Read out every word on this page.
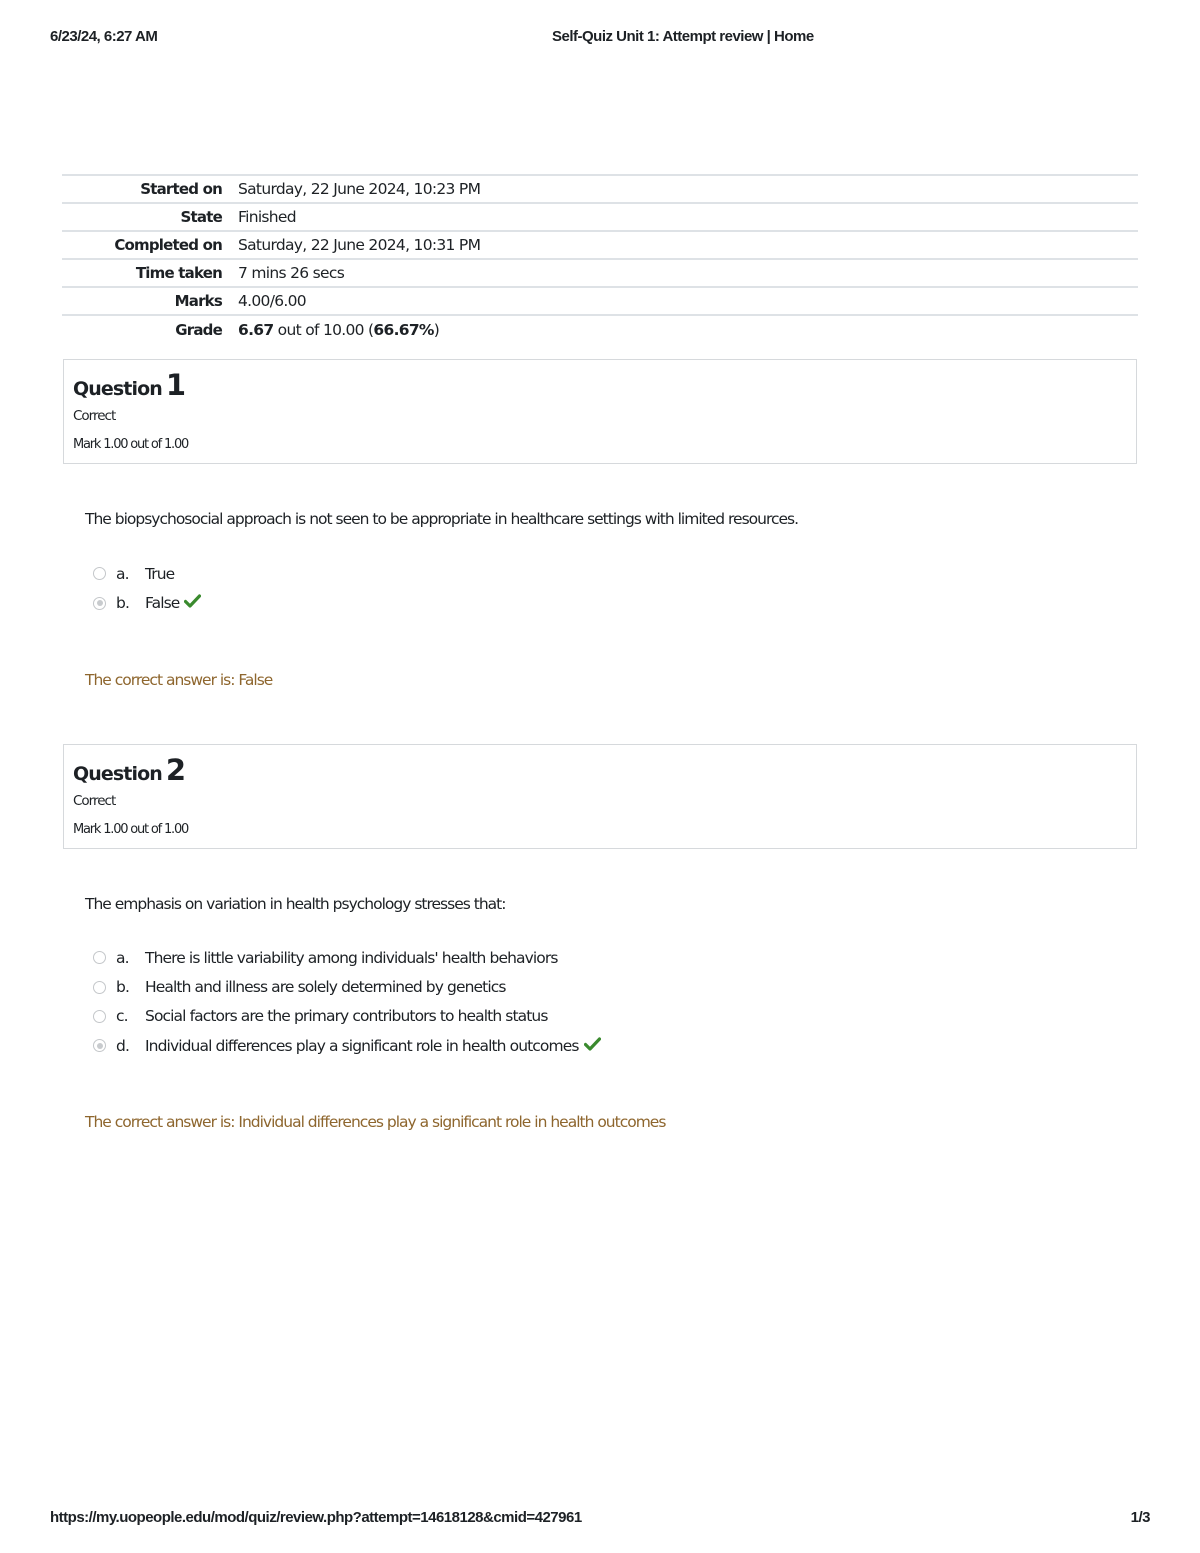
6/23/24, 6:27 AM	Self-Quiz Unit 1: Attempt review | Home
Started on	Saturday, 22 June 2024, 10:23 PM
State	Finished
Completed on	Saturday, 22 June 2024, 10:31 PM
Time taken	7 mins 26 secs
Marks	4.00/6.00
Grade	6.67 out of 10.00 (66.67%)
Question 1
Correct
Mark 1.00 out of 1.00
The biopsychosocial approach is not seen to be appropriate in healthcare settings with limited resources.
a.	True
b.	False
The correct answer is: False
Question 2
Correct
Mark 1.00 out of 1.00
The emphasis on variation in health psychology stresses that:
a.	There is little variability among individuals' health behaviors
b.	Health and illness are solely determined by genetics
c.	Social factors are the primary contributors to health status
d.	Individual differences play a significant role in health outcomes
The correct answer is: Individual differences play a significant role in health outcomes
https://my.uopeople.edu/mod/quiz/review.php?attempt=14618128&cmid=427961	1/3
